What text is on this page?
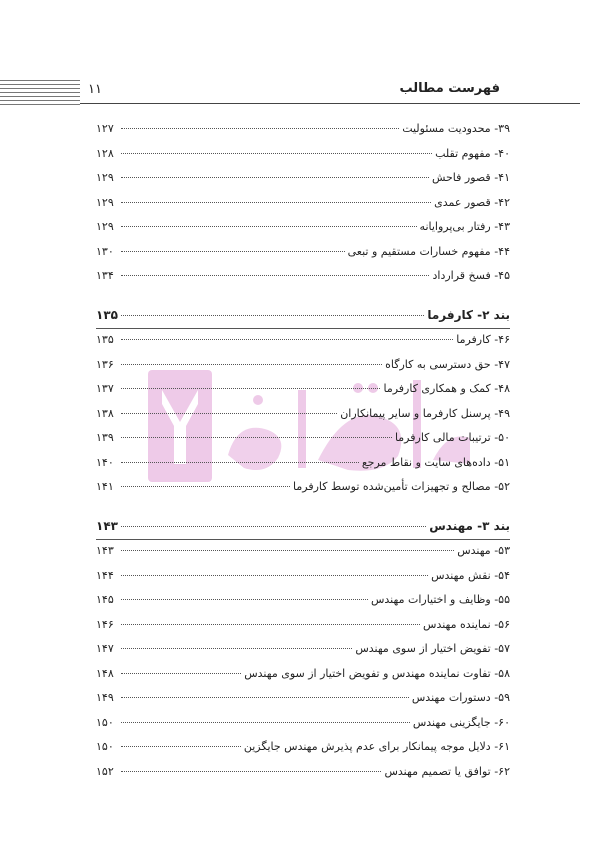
۱۱	فهرست مطالب
۳۹- محدودیت مسئولیت
۱۲۷
۴۰- مفهوم تقلب
۱۲۸
۴۱- قصور فاحش
۱۲۹
۴۲- قصور عمدی
۱۲۹
۴۳- رفتار بی‌پروایانه
۱۲۹
۴۴- مفهوم خسارات مستقیم و تبعی
۱۳۰
۴۵- فسخ قرارداد
۱۳۴
بند ۲- کارفرما
۱۳۵
۴۶- کارفرما
۱۳۵
۴۷- حق دسترسی به کارگاه
۱۳۶
۴۸- کمک و همکاری کارفرما
۱۳۷
۴۹- پرسنل کارفرما و سایر پیمانکاران
۱۳۸
۵۰- ترتیبات مالی کارفرما
۱۳۹
۵۱- داده‌های سایت و نقاط مرجع
۱۴۰
۵۲- مصالح و تجهیزات تأمین‌شده توسط کارفرما
۱۴۱
بند ۳- مهندس
۱۴۳
۵۳- مهندس
۱۴۳
۵۴- نقش مهندس
۱۴۴
۵۵- وظایف و اختیارات مهندس
۱۴۵
۵۶- نماینده مهندس
۱۴۶
۵۷- تفویض اختیار از سوی مهندس
۱۴۷
۵۸- تفاوت نماینده مهندس و تفویض اختیار از سوی مهندس
۱۴۸
۵۹- دستورات مهندس
۱۴۹
۶۰- جایگزینی مهندس
۱۵۰
۶۱- دلایل موجه پیمانکار برای عدم پذیرش مهندس جایگزین
۱۵۰
۶۲- توافق یا تصمیم مهندس
۱۵۲
